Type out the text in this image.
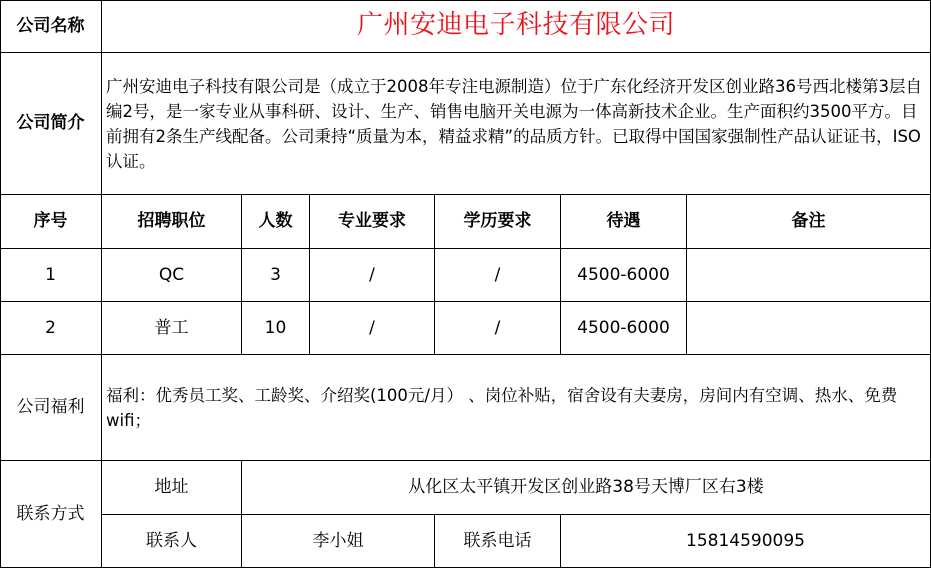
公司名称	广州安迪电子科技有限公司
公司简介
广州安迪电子科技有限公司是（成立于2008年专注电源制造）位于广东化经济开发区创业路36号西北楼第3层自编2号，是一家专业从事科研、设计、生产、销售电脑开关电源为一体高新技术企业。生产面积约3500平方。目前拥有2条生产线配备。公司秉持“质量为本，精益求精”的品质方针。已取得中国国家强制性产品认证证书，ISO认证。
序号	招聘职位	人数	专业要求	学历要求	待遇	备注
1	QC	3	/	/	4500-6000
2	普工	10	/	/	4500-6000
公司福利
福利：优秀员工奖、工龄奖、介绍奖(100元/月） 、岗位补贴，宿舍设有夫妻房，房间内有空调、热水、免费wifi；
联系方式
地址	从化区太平镇开发区创业路38号天博厂区右3楼
联系人	李小姐	联系电话	15814590095
